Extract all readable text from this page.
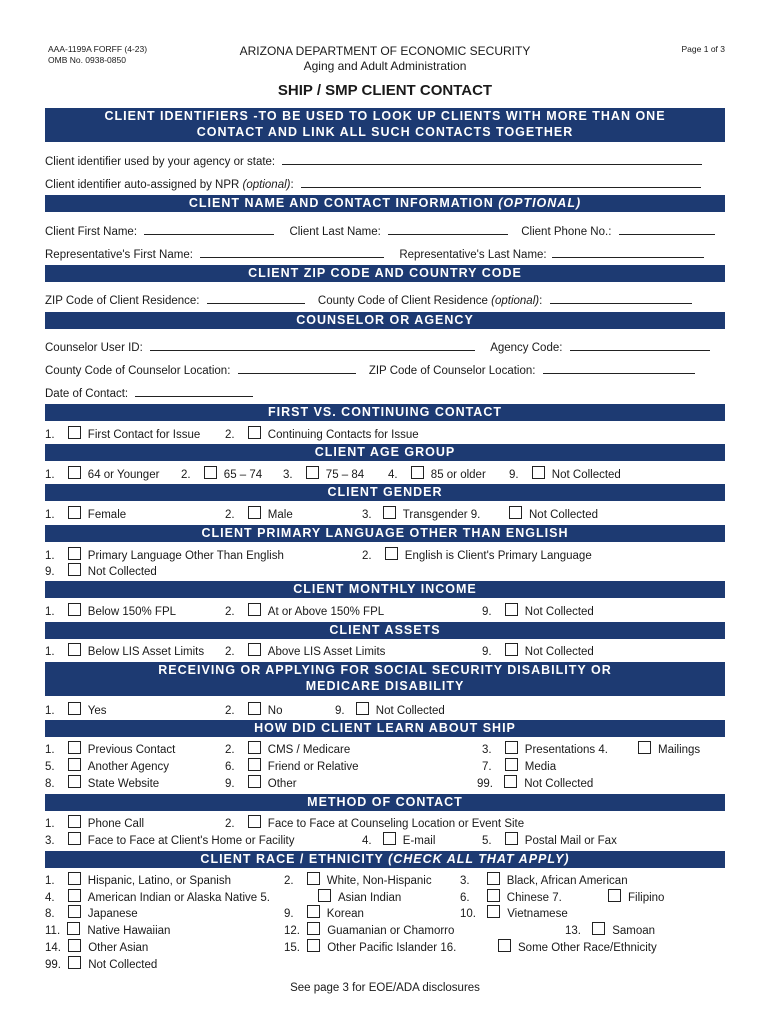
AAA-1199A FORFF (4-23)
OMB No. 0938-0850
ARIZONA DEPARTMENT OF ECONOMIC SECURITY
Aging and Adult Administration
Page 1 of 3
SHIP / SMP CLIENT CONTACT
CLIENT IDENTIFIERS -TO BE USED TO LOOK UP CLIENTS WITH MORE THAN ONE
CONTACT AND LINK ALL SUCH CONTACTS TOGETHER
Client identifier used by your agency or state:
Client identifier auto-assigned by NPR (optional):
CLIENT NAME AND CONTACT INFORMATION (OPTIONAL)
Client First Name:	Client Last Name:	Client Phone No.:
Representative's First Name:	Representative's Last Name:
CLIENT ZIP CODE AND COUNTRY CODE
ZIP Code of Client Residence:	County Code of Client Residence (optional):
COUNSELOR OR AGENCY
Counselor User ID:	Agency Code:
County Code of Counselor Location:	ZIP Code of Counselor Location:
Date of Contact:
FIRST VS. CONTINUING CONTACT
1.	First Contact for Issue 2.	Continuing Contacts for Issue
CLIENT AGE GROUP
1.	64 or Younger 2.	65 – 74 3.	75 – 84 4.	85 or older 9.	Not Collected
CLIENT GENDER
1.	Female	2.	Male	3.	Transgender 9.	Not Collected
CLIENT PRIMARY LANGUAGE OTHER THAN ENGLISH
1.	Primary Language Other Than English	2.	English is Client's Primary Language
9.	Not Collected
CLIENT MONTHLY INCOME
1.	Below 150% FPL	2.	At or Above 150% FPL	9.	Not Collected
CLIENT ASSETS
1.	Below LIS Asset Limits 2.	Above LIS Asset Limits	9.	Not Collected
RECEIVING OR APPLYING FOR SOCIAL SECURITY DISABILITY OR
MEDICARE DISABILITY
1.	Yes	2.	No	9.	Not Collected
HOW DID CLIENT LEARN ABOUT SHIP
1.	Previous Contact	2.	CMS / Medicare	3.	Presentations 4.	Mailings
5.	Another Agency	6.	Friend or Relative	7.	Media
8.	State Website	9.	Other	99.	Not Collected
METHOD OF CONTACT
1.	Phone Call	2.	Face to Face at Counseling Location or Event Site
3.	Face to Face at Client's Home or Facility	4.	E-mail	5.	Postal Mail or Fax
CLIENT RACE / ETHNICITY (CHECK ALL THAT APPLY)
1.	Hispanic, Latino, or Spanish	2.	White, Non-Hispanic 3.	Black, African American
4.	American Indian or Alaska Native 5.	Asian Indian	6.	Chinese 7.	Filipino
8.	Japanese	9.	Korean	10.	Vietnamese
11. Native Hawaiian	12. Guamanian or Chamorro	13.	Samoan
14. Other Asian	15. Other Pacific Islander 16.	Some Other Race/Ethnicity
99. Not Collected
See page 3 for EOE/ADA disclosures
